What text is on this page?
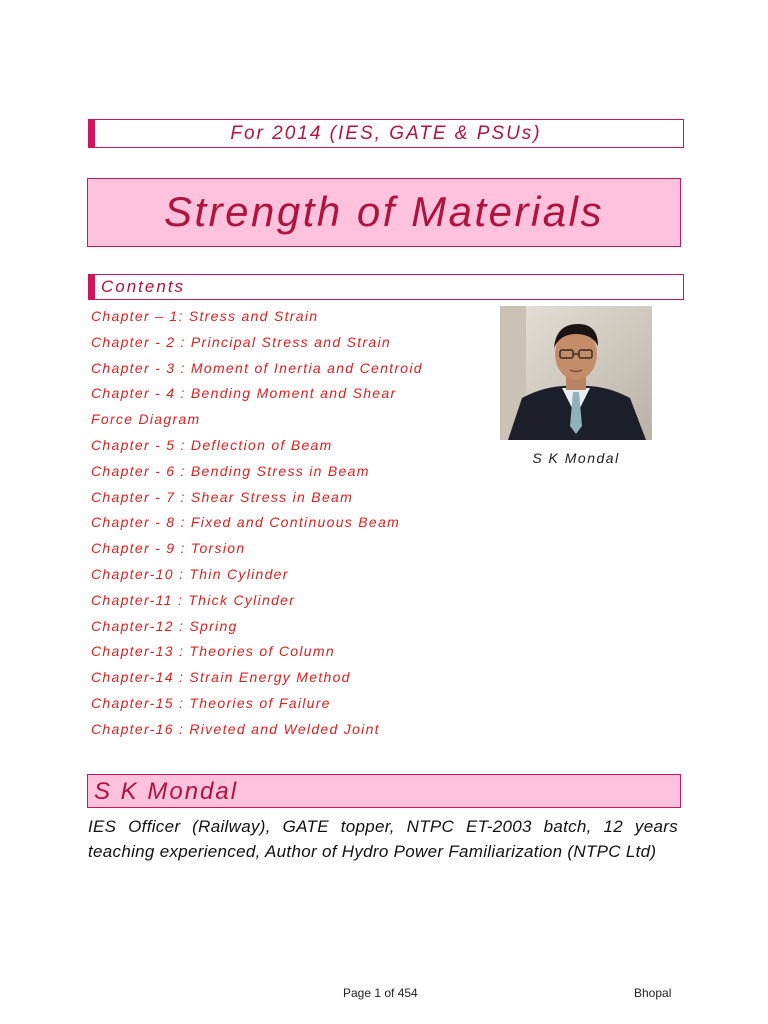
For 2014 (IES, GATE & PSUs)
Strength of Materials
Contents
Chapter – 1: Stress and Strain
Chapter - 2 : Principal Stress and Strain
Chapter - 3 : Moment of Inertia and Centroid
Chapter - 4 : Bending Moment and Shear
Force Diagram
Chapter - 5 : Deflection of Beam
Chapter - 6 : Bending Stress in Beam
Chapter - 7 : Shear Stress in Beam
Chapter - 8 : Fixed and Continuous Beam
Chapter - 9 : Torsion
Chapter-10 : Thin Cylinder
Chapter-11 : Thick Cylinder
Chapter-12 : Spring
Chapter-13 : Theories of Column
Chapter-14 : Strain Energy Method
Chapter-15 : Theories of Failure
Chapter-16 : Riveted and Welded Joint
S K Mondal
S K Mondal
IES Officer (Railway), GATE topper, NTPC ET-2003 batch, 12 years teaching experienced, Author of Hydro Power Familiarization (NTPC Ltd)
Page 1 of 454	Bhopal
